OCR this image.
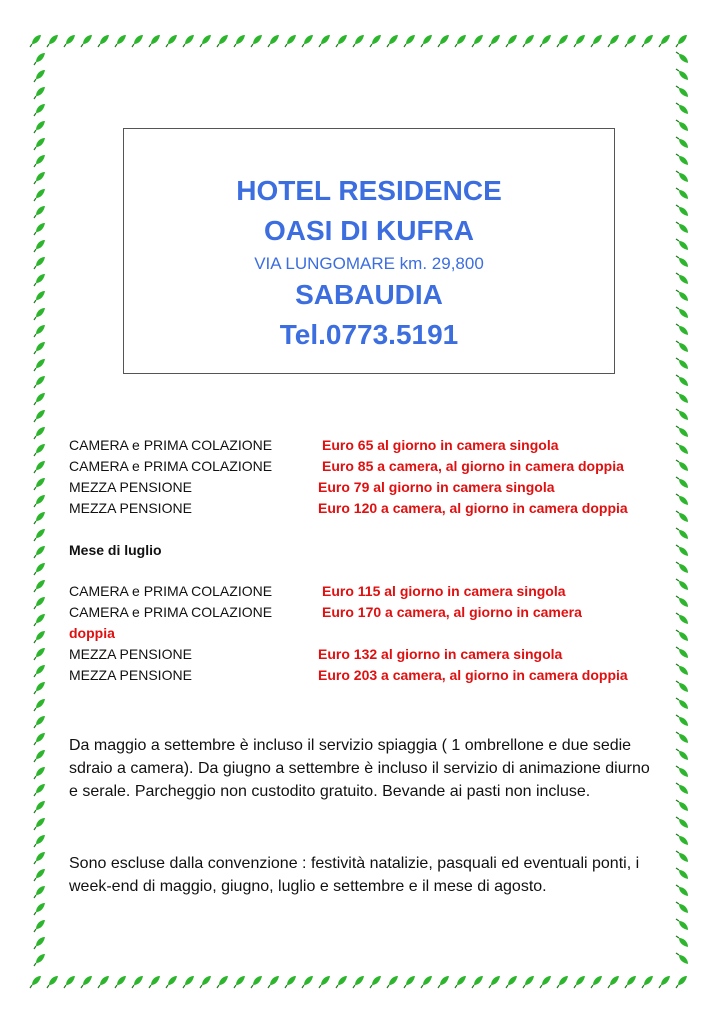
HOTEL RESIDENCE
OASI DI KUFRA
VIA LUNGOMARE km. 29,800
SABAUDIA
Tel.0773.5191
CAMERA e PRIMA COLAZIONE	Euro 65 al giorno in camera singola
CAMERA e PRIMA COLAZIONE	Euro 85 a camera, al giorno in camera doppia
MEZZA PENSIONE	Euro 79 al giorno in camera singola
MEZZA PENSIONE	Euro 120 a camera, al giorno in camera doppia
Mese di luglio
CAMERA e PRIMA COLAZIONE	Euro 115 al giorno in camera singola
CAMERA e PRIMA COLAZIONE	Euro 170 a camera, al giorno in camera
doppia
MEZZA PENSIONE	Euro 132 al giorno in camera singola
MEZZA PENSIONE	Euro 203 a camera, al giorno in camera doppia
Da maggio a settembre è incluso il servizio spiaggia ( 1 ombrellone e due sedie sdraio a camera). Da giugno a settembre è incluso il servizio di animazione diurno e serale. Parcheggio non custodito gratuito. Bevande ai pasti non incluse.
Sono escluse dalla convenzione : festività natalizie, pasquali ed eventuali ponti, i week-end di maggio, giugno, luglio e settembre e il mese di agosto.
